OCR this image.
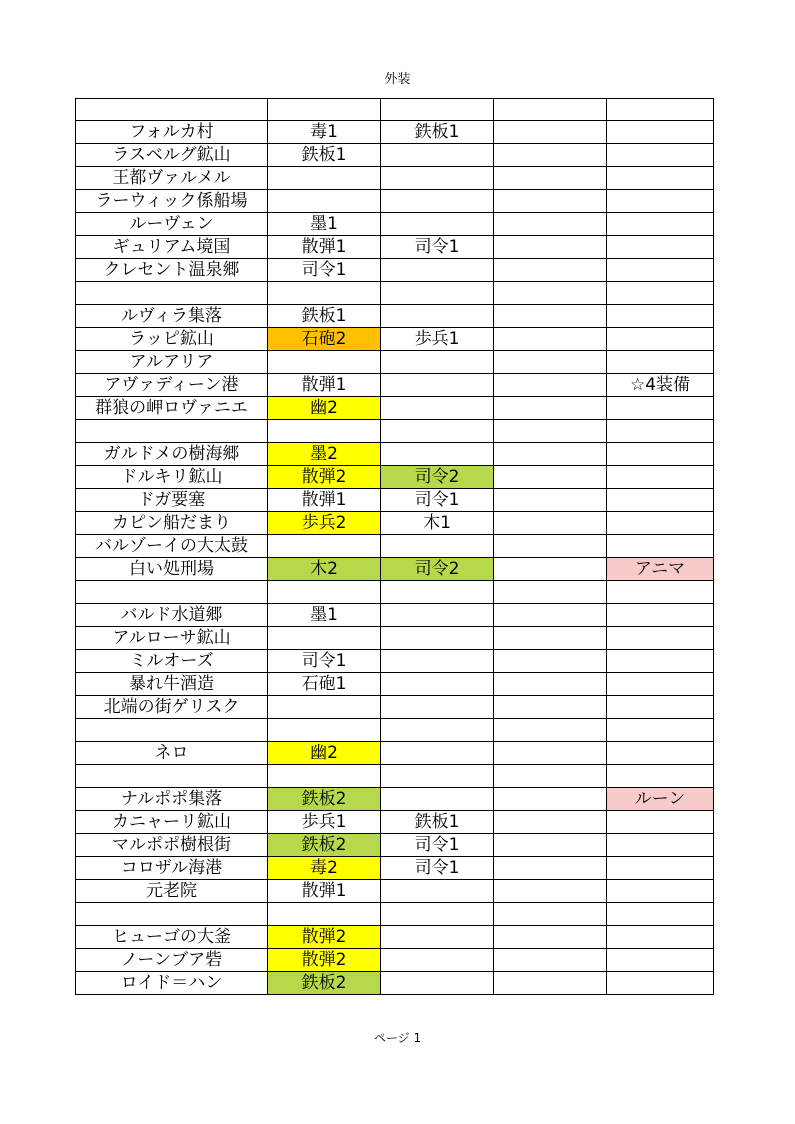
外装

フォルカ村	毒1	鉄板1		
ラスベルグ鉱山	鉄板1			
王都ヴァルメル				
ラーウィック係船場				
ルーヴェン	墨1			
ギュリアム境国	散弾1	司令1		
クレセント温泉郷	司令1			

ルヴィラ集落	鉄板1			
ラッピ鉱山	石砲2	歩兵1		
アルアリア				
アヴァディーン港	散弾1			☆4装備
群狼の岬ロヴァニエ	幽2			

ガルドメの樹海郷	墨2			
ドルキリ鉱山	散弾2	司令2		
ドガ要塞	散弾1	司令1		
カピン船だまり	歩兵2	木1		
バルゾーイの大太鼓				
白い処刑場	木2	司令2		アニマ

バルド水道郷	墨1			
アルローサ鉱山				
ミルオーズ	司令1			
暴れ牛酒造	石砲1			
北端の街ゲリスク				

ネロ	幽2			

ナルポポ集落	鉄板2			ルーン
カニャーリ鉱山	歩兵1	鉄板1		
マルポポ樹根街	鉄板2	司令1		
コロザル海港	毒2	司令1		
元老院	散弾1			

ヒューゴの大釜	散弾2			
ノーンブア砦	散弾2			
ロイド＝ハン	鉄板2			
ページ 1
